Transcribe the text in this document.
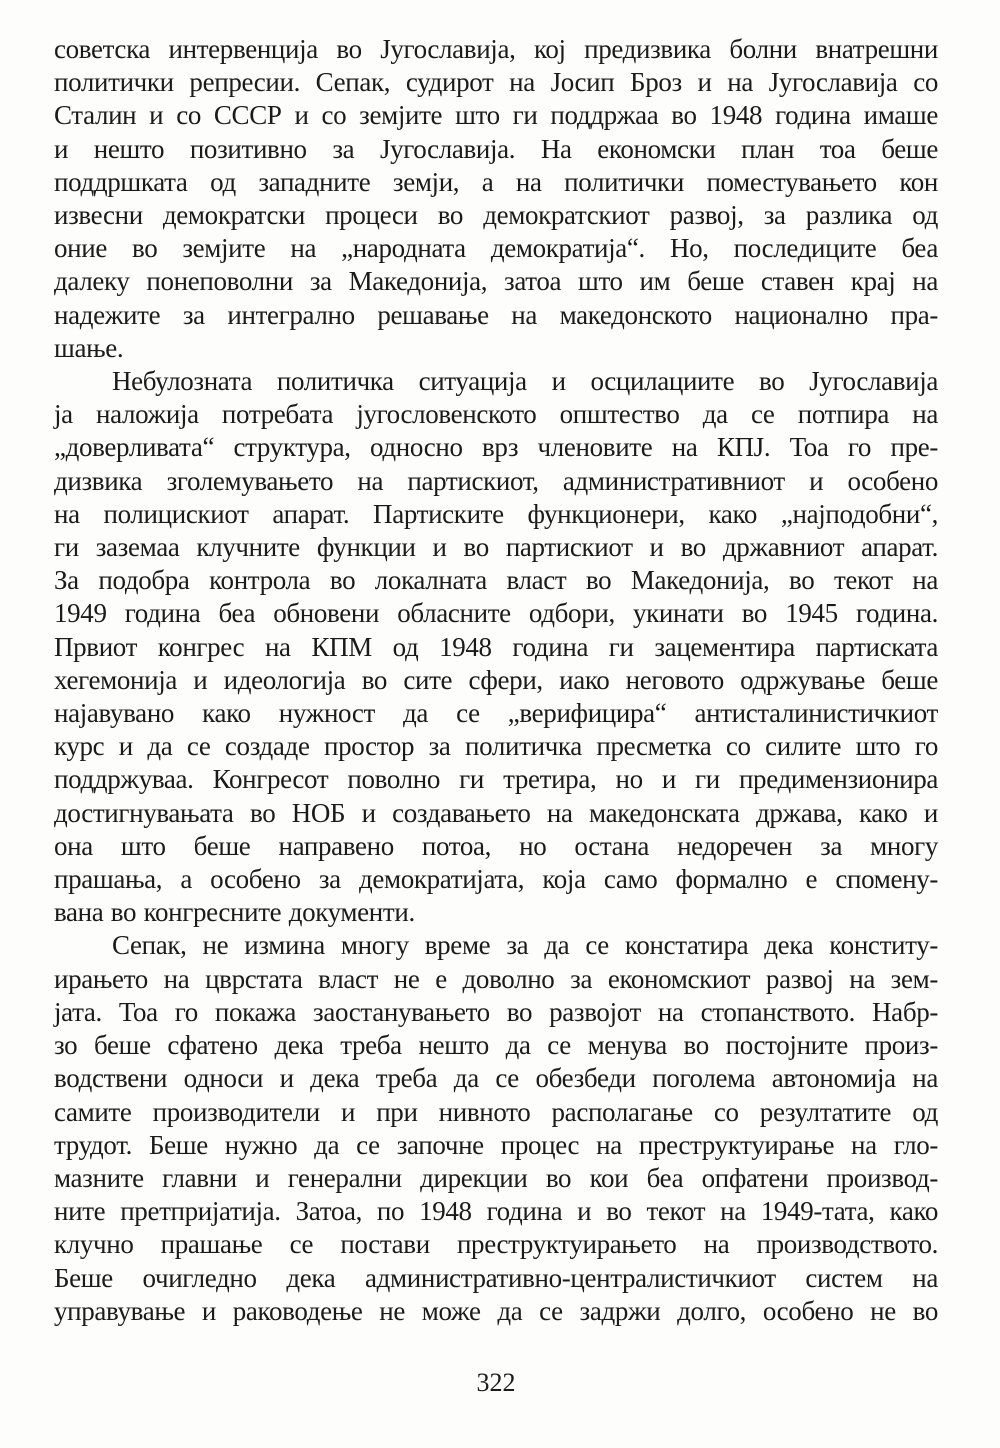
советска интервенција во Југославија, кој предизвика болни внатрешни
политички репресии. Сепак, судирот на Јосип Броз и на Југославија со
Сталин и со СССР и со земјите што ги поддржаа во 1948 година имаше
и нешто позитивно за Југославија. На економски план тоа беше
поддршката од западните земји, а на политички поместувањето кон
извесни демократски процеси во демократскиот развој, за разлика од
оние во земјите на „народната демократија“. Но, последиците беа
далеку понеповолни за Македонија, затоа што им беше ставен крај на
надежите за интегрално решавање на македонското национално пра-
шање.
Небулозната политичка ситуација и осцилациите во Југославија
ја наложија потребата југословенското општество да се потпира на
„доверливата“ структура, односно врз членовите на КПЈ. Тоа го пре-
дизвика зголемувањето на партискиот, административниот и особено
на полицискиот апарат. Партиските функционери, како „најподобни“,
ги заземаа клучните функции и во партискиот и во државниот апарат.
За подобра контрола во локалната власт во Македонија, во текот на
1949 година беа обновени обласните одбори, укинати во 1945 година.
Првиот конгрес на КПМ од 1948 година ги зацементира партиската
хегемонија и идеологија во сите сфери, иако неговото одржување беше
најавувано како нужност да се „верифицира“ антисталинистичкиот
курс и да се создаде простор за политичка пресметка со силите што го
поддржуваа. Конгресот поволно ги третира, но и ги предимензионира
достигнувањата во НОБ и создавањето на македонската држава, како и
она што беше направено потоа, но остана недоречен за многу
прашања, а особено за демократијата, која само формално е спомену-
вана во конгресните документи.
Сепак, не измина многу време за да се констатира дека конститу-
ирањето на цврстата власт не е доволно за економскиот развој на зем-
јата. Тоа го покажа заостанувањето во развојот на стопанството. Набр-
зо беше сфатено дека треба нешто да се менува во постојните произ-
водствени односи и дека треба да се обезбеди поголема автономија на
самите производители и при нивното располагање со резултатите од
трудот. Беше нужно да се започне процес на преструктуирање на гло-
мазните главни и генерални дирекции во кои беа опфатени производ-
ните претпријатија. Затоа, по 1948 година и во текот на 1949-тата, како
клучно прашање се постави преструктуирањето на производството.
Беше очигледно дека административно-централистичкиот систем на
управување и раководење не може да се задржи долго, особено не во
322
